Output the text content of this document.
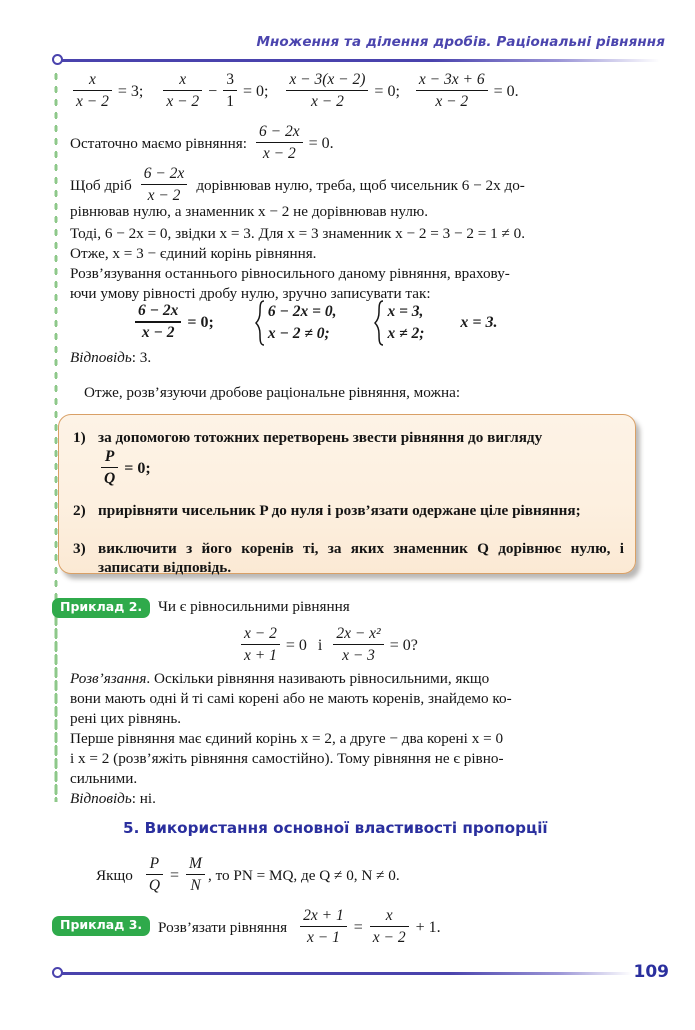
Множення та ділення дробів. Раціональні рівняння
$\frac{x}{x - 2} = 3$; $\frac{x}{x - 2} - \frac{3}{1} = 0$; $\frac{x - 3(x - 2)}{x - 2} = 0$; $\frac{x - 3x + 6}{x - 2} = 0$.
Остаточно маємо рівняння: $\frac{6 - 2x}{x - 2} = 0$.
Щоб дріб $\frac{6 - 2x}{x - 2}$ дорівнював нулю, треба, щоб чисельник 6 − 2x до-
рівнював нулю, а знаменник x − 2 не дорівнював нулю.
Тоді, 6 − 2x = 0, звідки x = 3. Для x = 3 знаменник x − 2 = 3 − 2 = 1 ≠ 0.
Отже, x = 3 − єдиний корінь рівняння.
Розв’язування останнього рівносильного даному рівняння, врахову-
ючи умову рівності дробу нулю, зручно записувати так:
$\frac{6 - 2x}{x - 2} = 0$;
6 − 2x = 0,
x − 2 ≠ 0;
x = 3,
x ≠ 2;
x = 3.
Відповідь : 3.
Отже, розв’язуючи дробове раціональне рівняння, можна:
1) за допомогою тотожних перетворень звести рівняння до вигляду
$\frac{P}{Q} = 0$;
2) прирівняти чисельник P до нуля і розв’язати одержане ціле рівняння;
3) виключити з його коренів ті, за яких знаменник Q дорівнює нулю, і записати відповідь.
Приклад 2.	Чи є рівносильними рівняння
$\frac{x - 2}{x + 1} = 0$ і $\frac{\text{2x − x²}}{x - 3} = 0$?
Розв’язання . Оскільки рівняння називають рівносильними, якщо
вони мають одні й ті самі корені або не мають коренів, знайдемо ко-
рені цих рівнянь.
Перше рівняння має єдиний корінь x = 2, а друге − два корені x = 0
і x = 2 (розв’яжіть рівняння самостійно). Тому рівняння не є рівно-
сильними.
Відповідь : ні.
5. Використання основної властивості пропорції
Якщо $\frac{P}{Q} = \frac{M}{N}$ , то PN = MQ, де Q ≠ 0, N ≠ 0.
Приклад 3.	Розв’язати рівняння $\frac{2x + 1}{x - 1} = \frac{x}{x - 2} + 1$.
109
